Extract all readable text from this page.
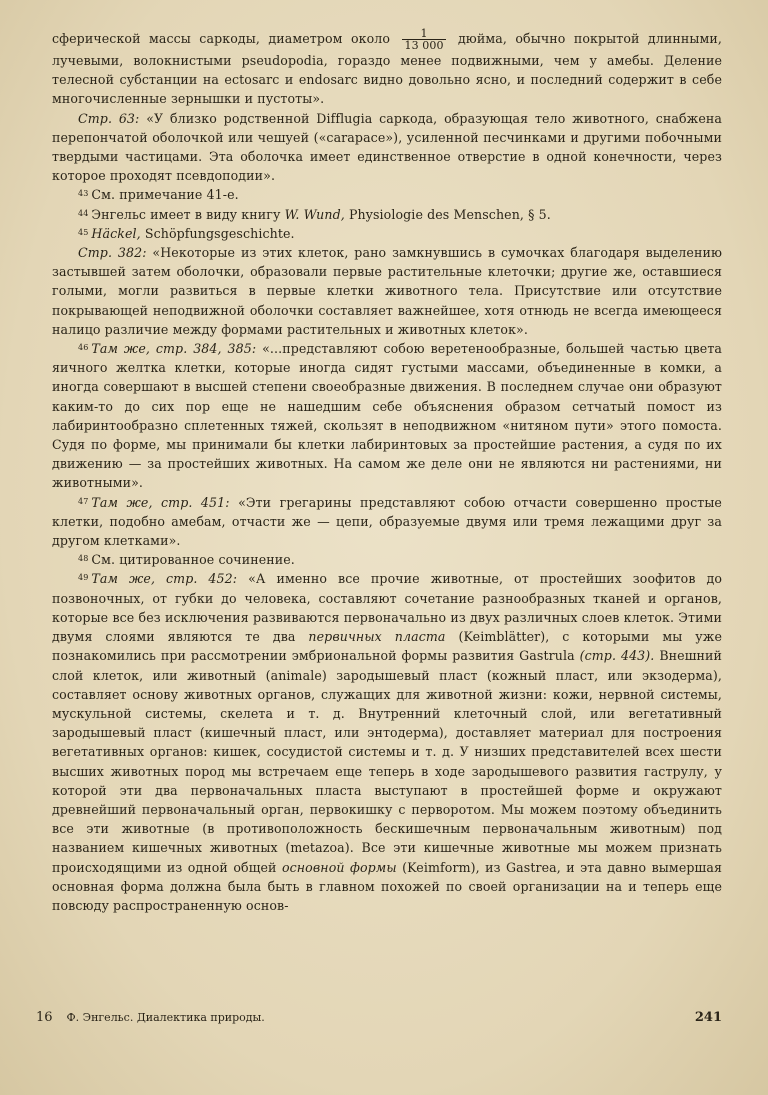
сферической массы саркоды, диаметром около $\frac{1}{13 000}$ дюйма, обычно покрытой длинными, лучевыми, волокнистыми pseudopodia, гораздо менее подвижными, чем у амебы. Деление телесной субстанции на ectosarc и endosarc видно довольно ясно, и последний содержит в себе многочисленные зернышки и пустоты».

Стр. 63: «У близко родственной Difflugia саркода, образующая тело животного, снабжена перепончатой оболочкой или чешуей («carapace»), усиленной песчинками и другими побочными твердыми частицами. Эта оболочка имеет единственное отверстие в одной конечности, через которое проходят псевдоподии».

$^{43}$ См. примечание 41-е.

$^{44}$ Энгельс имеет в виду книгу W. Wund, Physiologie des Menschen, § 5.

$^{45}$ Häckel, Schöpfungsgeschichte.

Стр. 382: «Некоторые из этих клеток, рано замкнувшись в сумочках благодаря выделению застывшей затем оболочки, образовали первые растительные клеточки; другие же, оставшиеся голыми, могли развиться в первые клетки животного тела. Присутствие или отсутствие покрывающей неподвижной оболочки составляет важнейшее, хотя отнюдь не всегда имеющееся налицо различие между формами растительных и животных клеток».

$^{46}$ Там же, стр. 384, 385: «...представляют собою веретенообразные, большей частью цвета яичного желтка клетки, которые иногда сидят густыми массами, объединенные в комки, а иногда совершают в высшей степени своеобразные движения. В последнем случае они образуют каким-то до сих пор еще не нашедшим себе объяснения образом сетчатый помост из лабиринтообразно сплетенных тяжей, скользят в неподвижном «нитяном пути» этого помоста. Судя по форме, мы принимали бы клетки лабиринтовых за простейшие растения, а судя по их движению — за простейших животных. На самом же деле они не являются ни растениями, ни животными».

$^{47}$ Там же, стр. 451: «Эти грегарины представляют собою отчасти совершенно простые клетки, подобно амебам, отчасти же — цепи, образуемые двумя или тремя лежащими друг за другом клетками».

$^{48}$ См. цитированное сочинение.

$^{49}$ Там же, стр. 452: «А именно все прочие животные, от простейших зоофитов до позвоночных, от губки до человека, составляют сочетание разнообразных тканей и органов, которые все без исключения развиваются первоначально из двух различных слоев клеток. Этими двумя слоями являются те два первичных пласта (Keimblätter), с которыми мы уже познакомились при рассмотрении эмбриональной формы развития Gastrula (стр. 443). Внешний слой клеток, или животный (animale) зародышевый пласт (кожный пласт, или экзодерма), составляет основу животных органов, служащих для животной жизни: кожи, нервной системы, мускульной системы, скелета и т. д. Внутренний клеточный слой, или вегетативный зародышевый пласт (кишечный пласт, или энтодерма), доставляет материал для построения вегетативных органов: кишек, сосудистой системы и т. д. У низших представителей всех шести высших животных пород мы встречаем еще теперь в ходе зародышевого развития гаструлу, у которой эти два первоначальных пласта выступают в простейшей форме и окружают древнейший первоначальный орган, первокишку с перворотом. Мы можем поэтому объединить все эти животные (в противоположность бескишечным первоначальным животным) под названием кишечных животных (metazoa). Все эти кишечные животные мы можем признать происходящими из одной общей основной формы (Keimform), из Gastrea, и эта давно вымершая основная форма должна была быть в главном похожей по своей организации на и теперь еще повсюду распространенную основ-

16 Ф. Энгельс. Диалектика природы.	241
